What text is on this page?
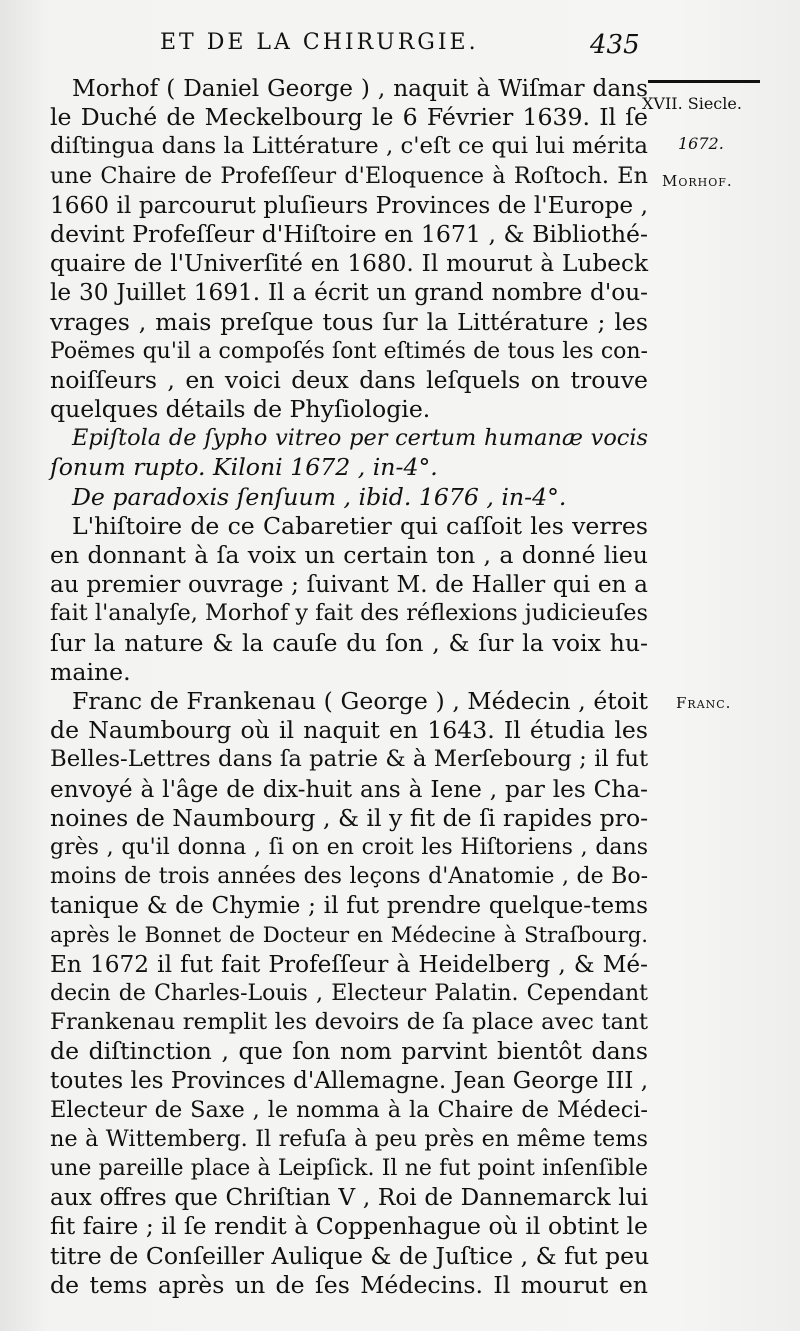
ET DE LA CHIRURGIE.	435
XVII. Siecle.
1672.
Morhof.
Franc.
Morhof ( Daniel George ) , naquit à Wiſmar dans
le Duché de Meckelbourg le 6 Février 1639. Il ſe
diſtingua dans la Littérature , c'eſt ce qui lui mérita
une Chaire de Profeſſeur d'Eloquence à Roſtoch. En
1660 il parcourut pluſieurs Provinces de l'Europe ,
devint Profeſſeur d'Hiſtoire en 1671 , & Bibliothé-
quaire de l'Univerſité en 1680. Il mourut à Lubeck
le 30 Juillet 1691. Il a écrit un grand nombre d'ou-
vrages , mais preſque tous ſur la Littérature ; les
Poëmes qu'il a compoſés ſont eſtimés de tous les con-
noiſſeurs , en voici deux dans leſquels on trouve
quelques détails de Phyſiologie.
Epiſtola de ſypho vitreo per certum humanæ vocis
ſonum rupto. Kiloni 1672 , in-4°.
De paradoxis ſenſuum , ibid. 1676 , in-4°.
L'hiſtoire de ce Cabaretier qui caſſoit les verres
en donnant à ſa voix un certain ton , a donné lieu
au premier ouvrage ; ſuivant M. de Haller qui en a
fait l'analyſe, Morhof y fait des réflexions judicieuſes
ſur la nature & la cauſe du ſon , & ſur la voix hu-
maine.
Franc de Frankenau ( George ) , Médecin , étoit
de Naumbourg où il naquit en 1643. Il étudia les
Belles-Lettres dans ſa patrie & à Merſebourg ; il fut
envoyé à l'âge de dix-huit ans à Iene , par les Cha-
noines de Naumbourg , & il y fit de ſi rapides pro-
grès , qu'il donna , ſi on en croit les Hiſtoriens , dans
moins de trois années des leçons d'Anatomie , de Bo-
tanique & de Chymie ; il fut prendre quelque-tems
après le Bonnet de Docteur en Médecine à Straſbourg.
En 1672 il fut fait Profeſſeur à Heidelberg , & Mé-
decin de Charles-Louis , Electeur Palatin. Cependant
Frankenau remplit les devoirs de ſa place avec tant
de diſtinction , que ſon nom parvint bientôt dans
toutes les Provinces d'Allemagne. Jean George III ,
Electeur de Saxe , le nomma à la Chaire de Médeci-
ne à Wittemberg. Il refuſa à peu près en même tems
une pareille place à Leipſick. Il ne fut point inſenſible
aux offres que Chriſtian V , Roi de Dannemarck lui
fit faire ; il ſe rendit à Coppenhague où il obtint le
titre de Conſeiller Aulique & de Juſtice , & fut peu
de tems après un de ſes Médecins. Il mourut en
